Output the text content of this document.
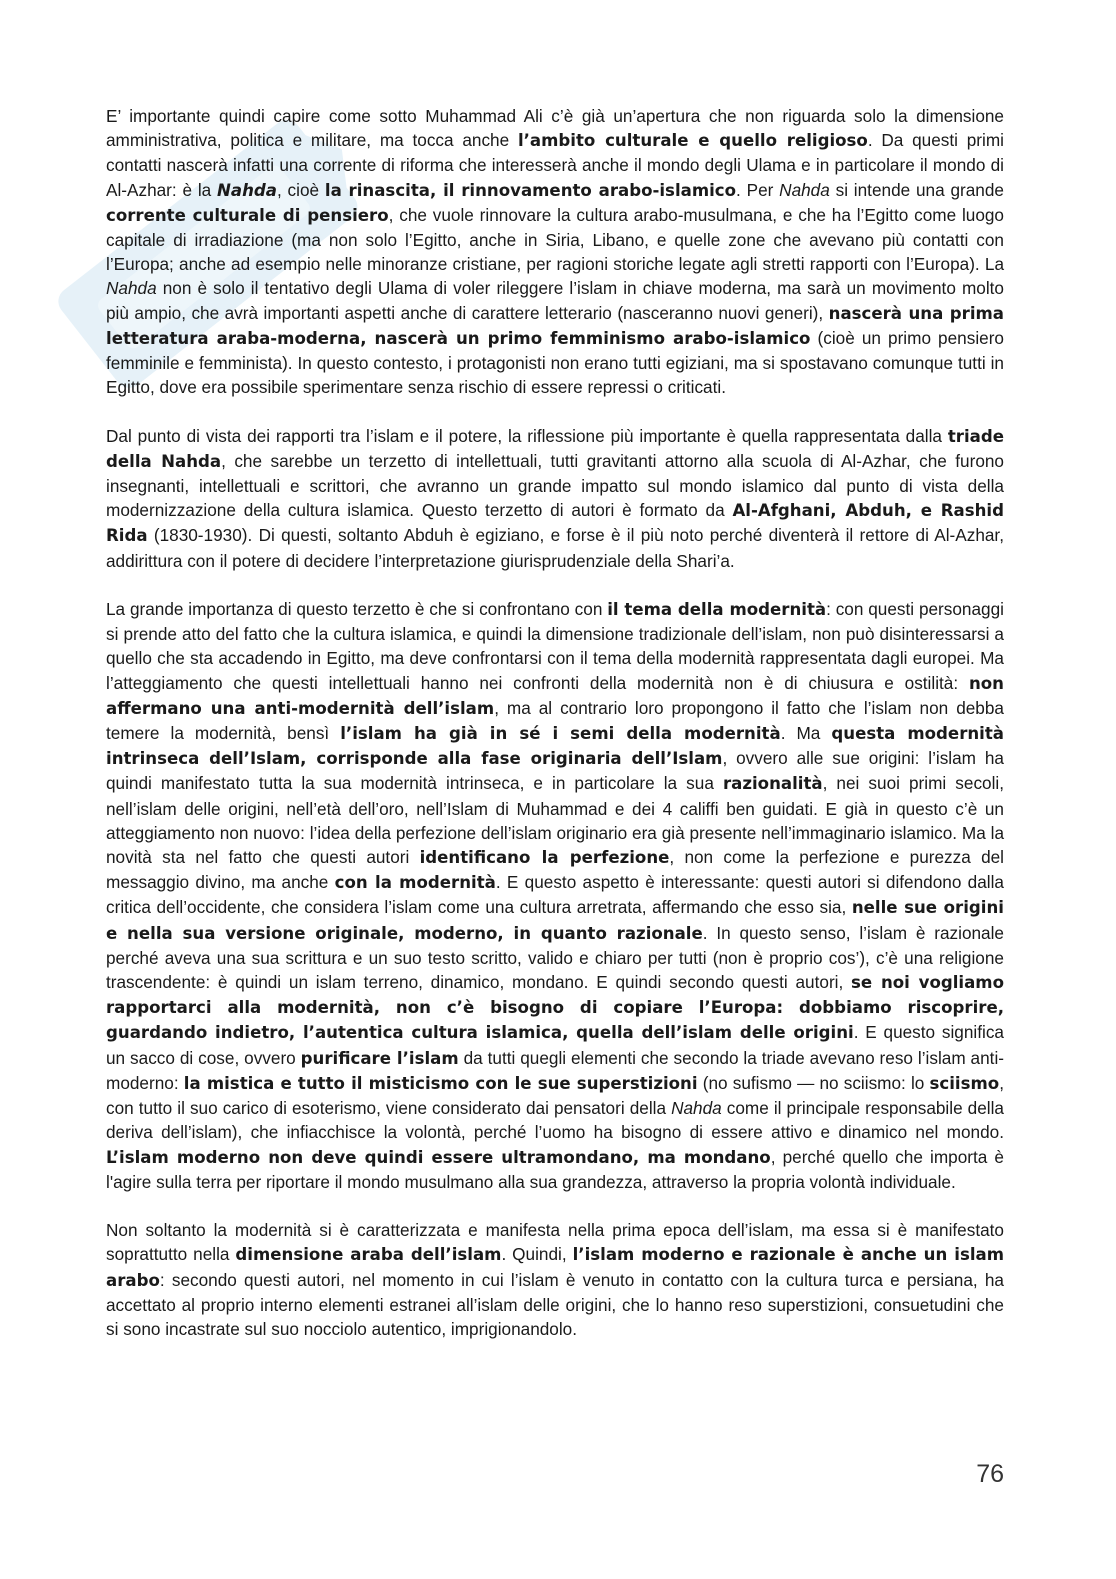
E’ importante quindi capire come sotto Muhammad Ali c’è già un’apertura che non riguarda solo la dimensione amministrativa, politica e militare, ma tocca anche l’ambito culturale e quello religioso. Da questi primi contatti nascerà infatti una corrente di riforma che interesserà anche il mondo degli Ulama e in particolare il mondo di Al-Azhar: è la Nahda, cioè la rinascita, il rinnovamento arabo-islamico. Per Nahda si intende una grande corrente culturale di pensiero, che vuole rinnovare la cultura arabo-musulmana, e che ha l’Egitto come luogo capitale di irradiazione (ma non solo l’Egitto, anche in Siria, Libano, e quelle zone che avevano più contatti con l’Europa; anche ad esempio nelle minoranze cristiane, per ragioni storiche legate agli stretti rapporti con l’Europa). La Nahda non è solo il tentativo degli Ulama di voler rileggere l’islam in chiave moderna, ma sarà un movimento molto più ampio, che avrà importanti aspetti anche di carattere letterario (nasceranno nuovi generi), nascerà una prima letteratura araba-moderna, nascerà un primo femminismo arabo-islamico (cioè un primo pensiero femminile e femminista). In questo contesto, i protagonisti non erano tutti egiziani, ma si spostavano comunque tutti in Egitto, dove era possibile sperimentare senza rischio di essere repressi o criticati.

Dal punto di vista dei rapporti tra l’islam e il potere, la riflessione più importante è quella rappresentata dalla triade della Nahda, che sarebbe un terzetto di intellettuali, tutti gravitanti attorno alla scuola di Al-Azhar, che furono insegnanti, intellettuali e scrittori, che avranno un grande impatto sul mondo islamico dal punto di vista della modernizzazione della cultura islamica. Questo terzetto di autori è formato da Al-Afghani, Abduh, e Rashid Rida (1830-1930). Di questi, soltanto Abduh è egiziano, e forse è il più noto perché diventerà il rettore di Al-Azhar, addirittura con il potere di decidere l’interpretazione giurisprudenziale della Shari’a.

La grande importanza di questo terzetto è che si confrontano con il tema della modernità: con questi personaggi si prende atto del fatto che la cultura islamica, e quindi la dimensione tradizionale dell’islam, non può disinteressarsi a quello che sta accadendo in Egitto, ma deve confrontarsi con il tema della modernità rappresentata dagli europei. Ma l’atteggiamento che questi intellettuali hanno nei confronti della modernità non è di chiusura e ostilità: non affermano una anti-modernità dell’islam, ma al contrario loro propongono il fatto che l’islam non debba temere la modernità, bensì l’islam ha già in sé i semi della modernità. Ma questa modernità intrinseca dell’Islam, corrisponde alla fase originaria dell’Islam, ovvero alle sue origini: l’islam ha quindi manifestato tutta la sua modernità intrinseca, e in particolare la sua razionalità, nei suoi primi secoli, nell’islam delle origini, nell’età dell’oro, nell’Islam di Muhammad e dei 4 califfi ben guidati. E già in questo c’è un atteggiamento non nuovo: l’idea della perfezione dell’islam originario era già presente nell’immaginario islamico. Ma la novità sta nel fatto che questi autori identificano la perfezione, non come la perfezione e purezza del messaggio divino, ma anche con la modernità. E questo aspetto è interessante: questi autori si difendono dalla critica dell’occidente, che considera l’islam come una cultura arretrata, affermando che esso sia, nelle sue origini e nella sua versione originale, moderno, in quanto razionale. In questo senso, l’islam è razionale perché aveva una sua scrittura e un suo testo scritto, valido e chiaro per tutti (non è proprio cos’), c’è una religione trascendente: è quindi un islam terreno, dinamico, mondano. E quindi secondo questi autori, se noi vogliamo rapportarci alla modernità, non c’è bisogno di copiare l’Europa: dobbiamo riscoprire, guardando indietro, l’autentica cultura islamica, quella dell’islam delle origini. E questo significa un sacco di cose, ovvero purificare l’islam da tutti quegli elementi che secondo la triade avevano reso l’islam anti-moderno: la mistica e tutto il misticismo con le sue superstizioni (no sufismo — no sciismo: lo sciismo, con tutto il suo carico di esoterismo, viene considerato dai pensatori della Nahda come il principale responsabile della deriva dell’islam), che infiacchisce la volontà, perché l’uomo ha bisogno di essere attivo e dinamico nel mondo. L’islam moderno non deve quindi essere ultramondano, ma mondano, perché quello che importa è l'agire sulla terra per riportare il mondo musulmano alla sua grandezza, attraverso la propria volontà individuale.

Non soltanto la modernità si è caratterizzata e manifesta nella prima epoca dell’islam, ma essa si è manifestato soprattutto nella dimensione araba dell’islam. Quindi, l’islam moderno e razionale è anche un islam arabo: secondo questi autori, nel momento in cui l’islam è venuto in contatto con la cultura turca e persiana, ha accettato al proprio interno elementi estranei all’islam delle origini, che lo hanno reso superstizioni, consuetudini che si sono incastrate sul suo nocciolo autentico, imprigionandolo.

76
